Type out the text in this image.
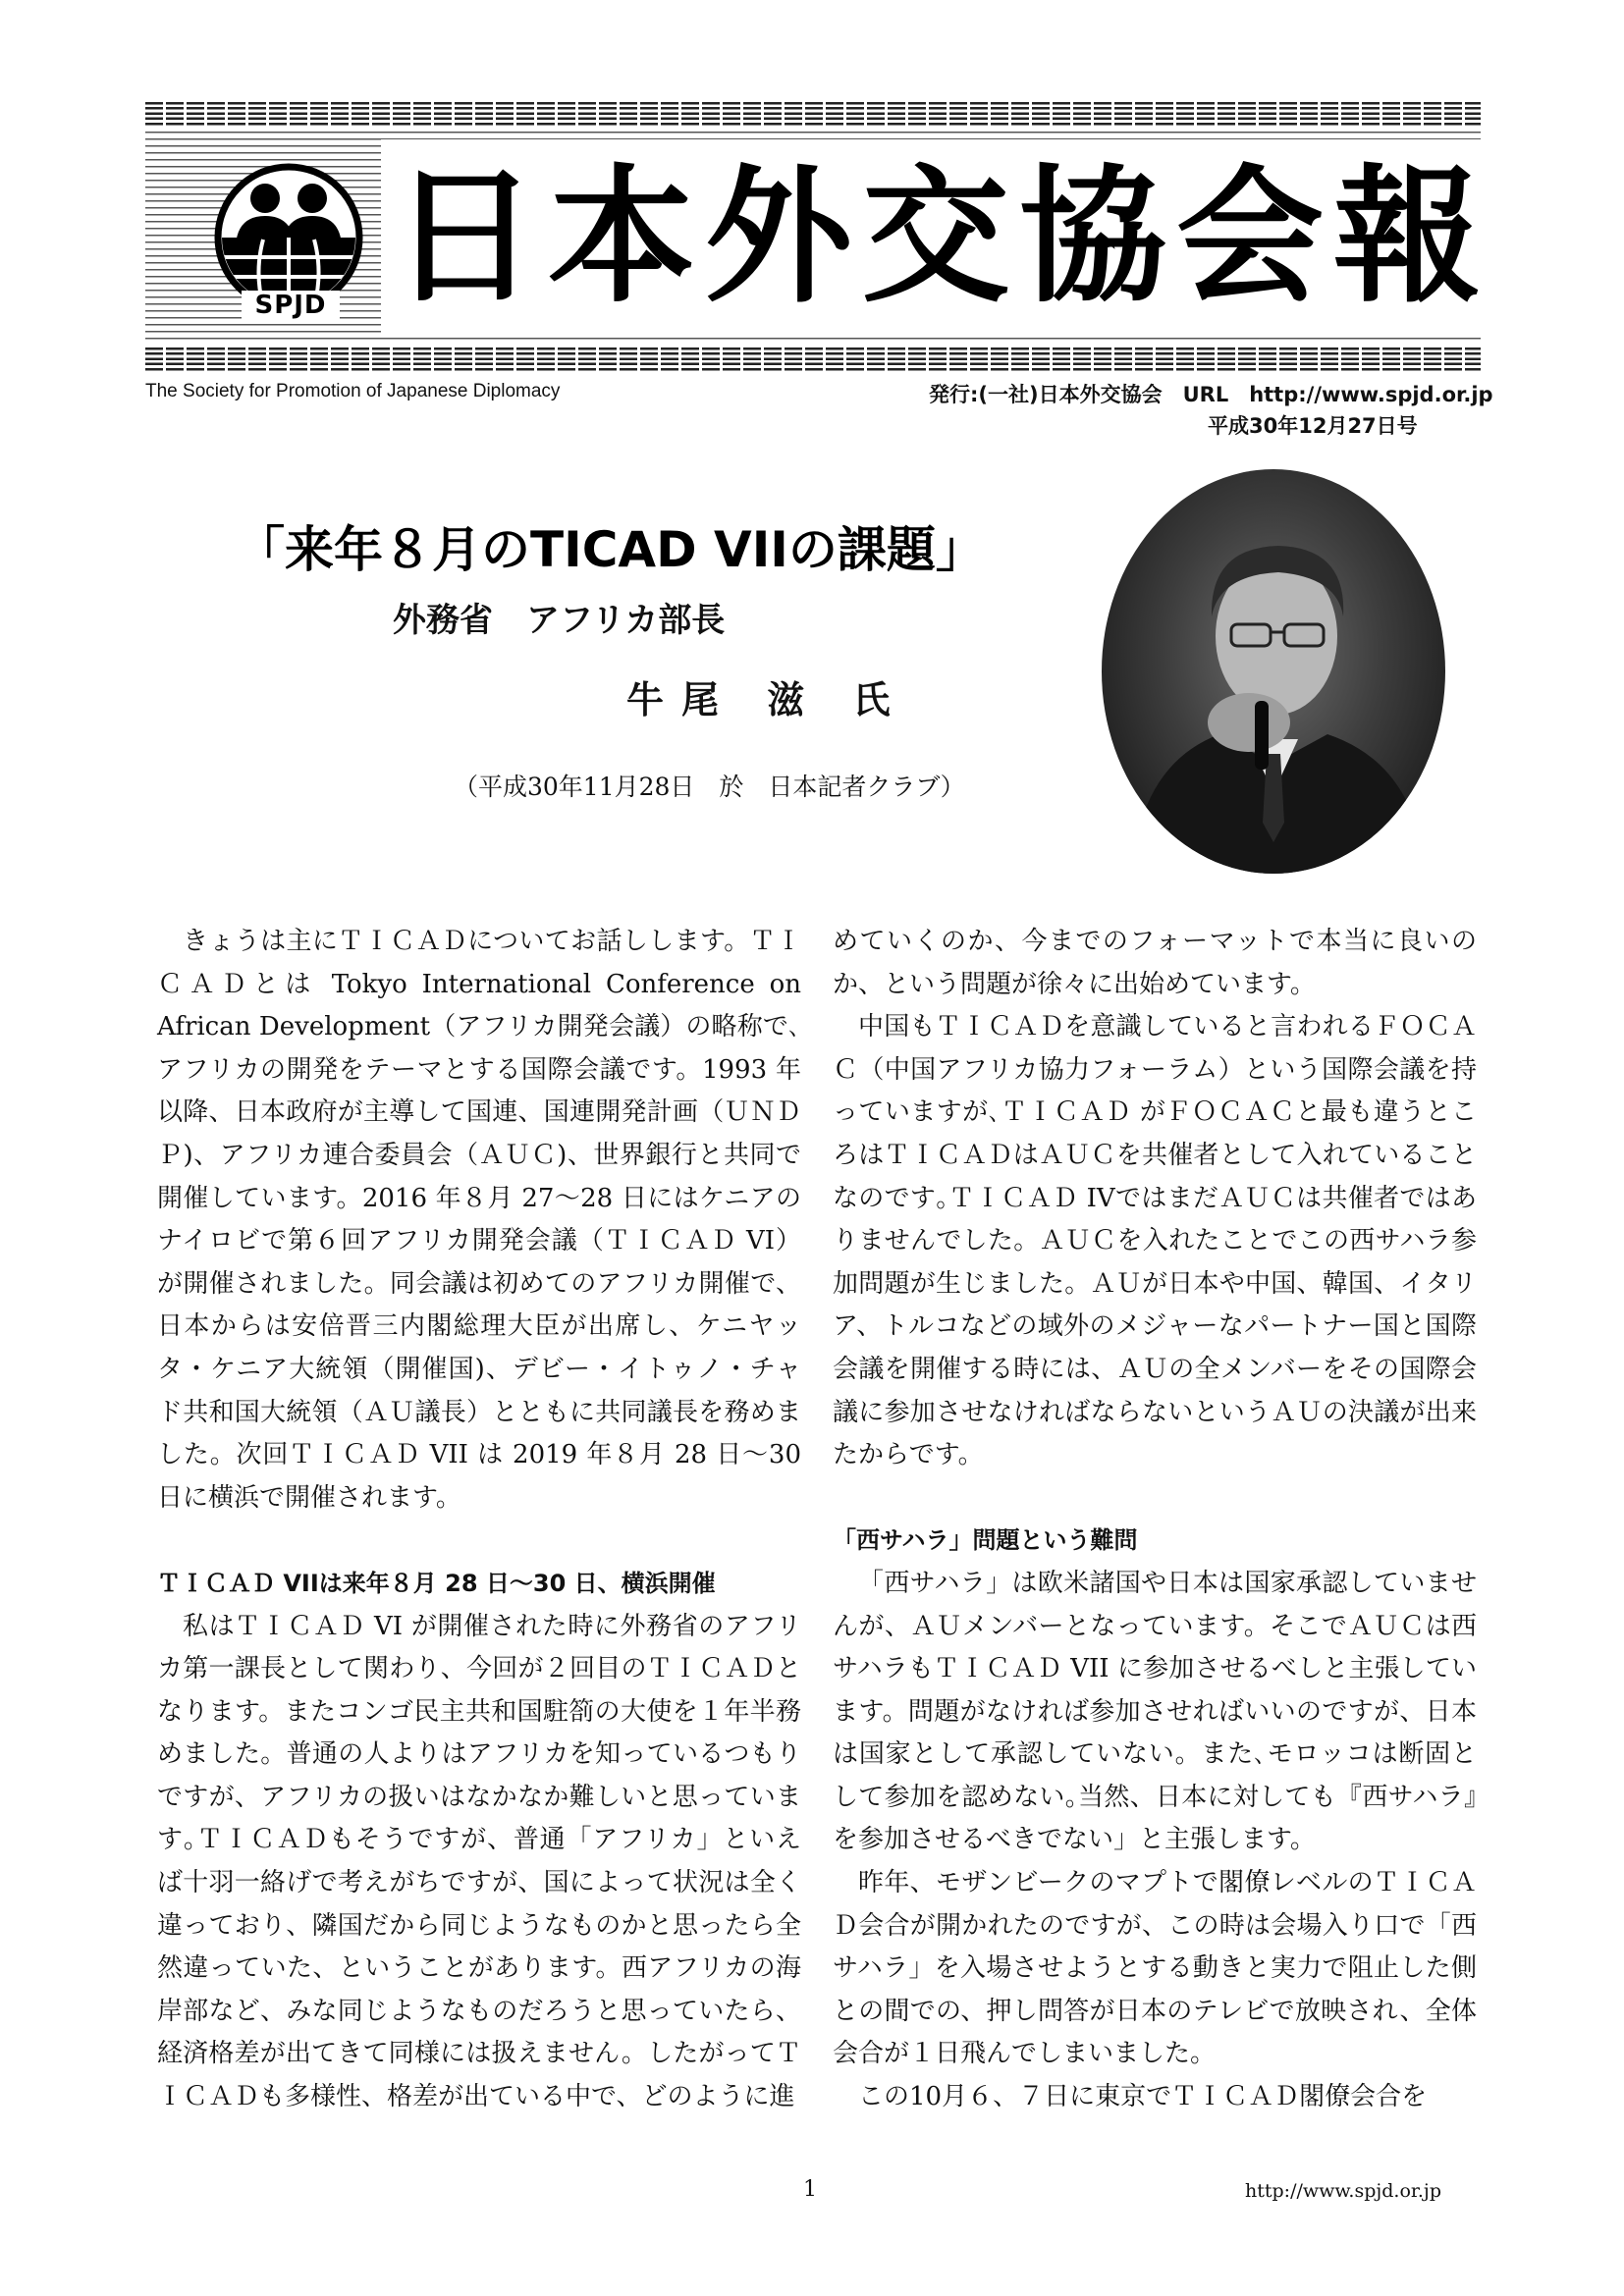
SPJD 日本外交協会報
The Society for Promotion of Japanese Diplomacy	発行:(一社)日本外交協会　URL　http://www.spjd.or.jp
平成30年12月27日号
「来年８月のTICAD VIIの課題」
外務省　アフリカ部長
牛尾 滋 氏
（平成30年11月28日　於　日本記者クラブ）

きょうは主にＴＩＣＡＤについてお話しします。ＴＩＣＡＤとは Tokyo International Conference on African Development（アフリカ開発会議）の略称で､アフリカの開発をテーマとする国際会議です。1993 年以降、日本政府が主導して国連、国連開発計画（ＵＮＤＰ)、アフリカ連合委員会（ＡＵＣ)、世界銀行と共同で開催しています。2016 年８月 27～28 日にはケニアのナイロビで第６回アフリカ開発会議（ＴＩＣＡＤ VI）が開催されました。同会議は初めてのアフリカ開催で、日本からは安倍晋三内閣総理大臣が出席し、ケニヤッタ・ケニア大統領（開催国)、デビー・イトゥノ・チャド共和国大統領（ＡＵ議長）とともに共同議長を務めました。次回ＴＩＣＡＤ VII は 2019 年８月 28 日～30 日に横浜で開催されます。

ＴＩＣＡＤ VIIは来年８月 28 日～30 日、横浜開催

私はＴＩＣＡＤ VI が開催された時に外務省のアフリカ第一課長として関わり、今回が２回目のＴＩＣＡＤとなります。またコンゴ民主共和国駐箚の大使を１年半務めました。普通の人よりはアフリカを知っているつもりですが、アフリカの扱いはなかなか難しいと思っています｡ＴＩＣＡＤもそうですが、普通「アフリカ」といえば十羽一絡げで考えがちですが、国によって状況は全く違っており、隣国だから同じようなものかと思ったら全然違っていた、ということがあります。西アフリカの海岸部など、みな同じようなものだろうと思っていたら、経済格差が出てきて同様には扱えません。したがってＴＩＣＡＤも多様性、格差が出ている中で、どのように進

めていくのか、今までのフォーマットで本当に良いのか、という問題が徐々に出始めています。

中国もＴＩＣＡＤを意識していると言われるＦＯＣＡＣ（中国アフリカ協力フォーラム）という国際会議を持っていますが､ＴＩＣＡＤ がＦＯＣＡＣと最も違うところはＴＩＣＡＤはＡＵＣを共催者として入れていることなのです｡ＴＩＣＡＤ IVではまだＡＵＣは共催者ではありませんでした。ＡＵＣを入れたことでこの西サハラ参加問題が生じました。ＡＵが日本や中国、韓国、イタリア、トルコなどの域外のメジャーなパートナー国と国際会議を開催する時には、ＡＵの全メンバーをその国際会議に参加させなければならないというＡＵの決議が出来たからです。

「西サハラ」問題という難問

「西サハラ」は欧米諸国や日本は国家承認していませんが、ＡＵメンバーとなっています。そこでＡＵＣは西サハラもＴＩＣＡＤ VII に参加させるべしと主張しています。問題がなければ参加させればいいのですが、日本は国家として承認していない。また､モロッコは断固として参加を認めない｡当然、日本に対しても『西サハラ』を参加させるべきでない」と主張します。

昨年、モザンビークのマプトで閣僚レベルのＴＩＣＡＤ会合が開かれたのですが、この時は会場入り口で「西サハラ」を入場させようとする動きと実力で阻止した側との間での、押し問答が日本のテレビで放映され、全体会合が１日飛んでしまいました。

この10月６、７日に東京でＴＩＣＡＤ閣僚会合を

1	http://www.spjd.or.jp
